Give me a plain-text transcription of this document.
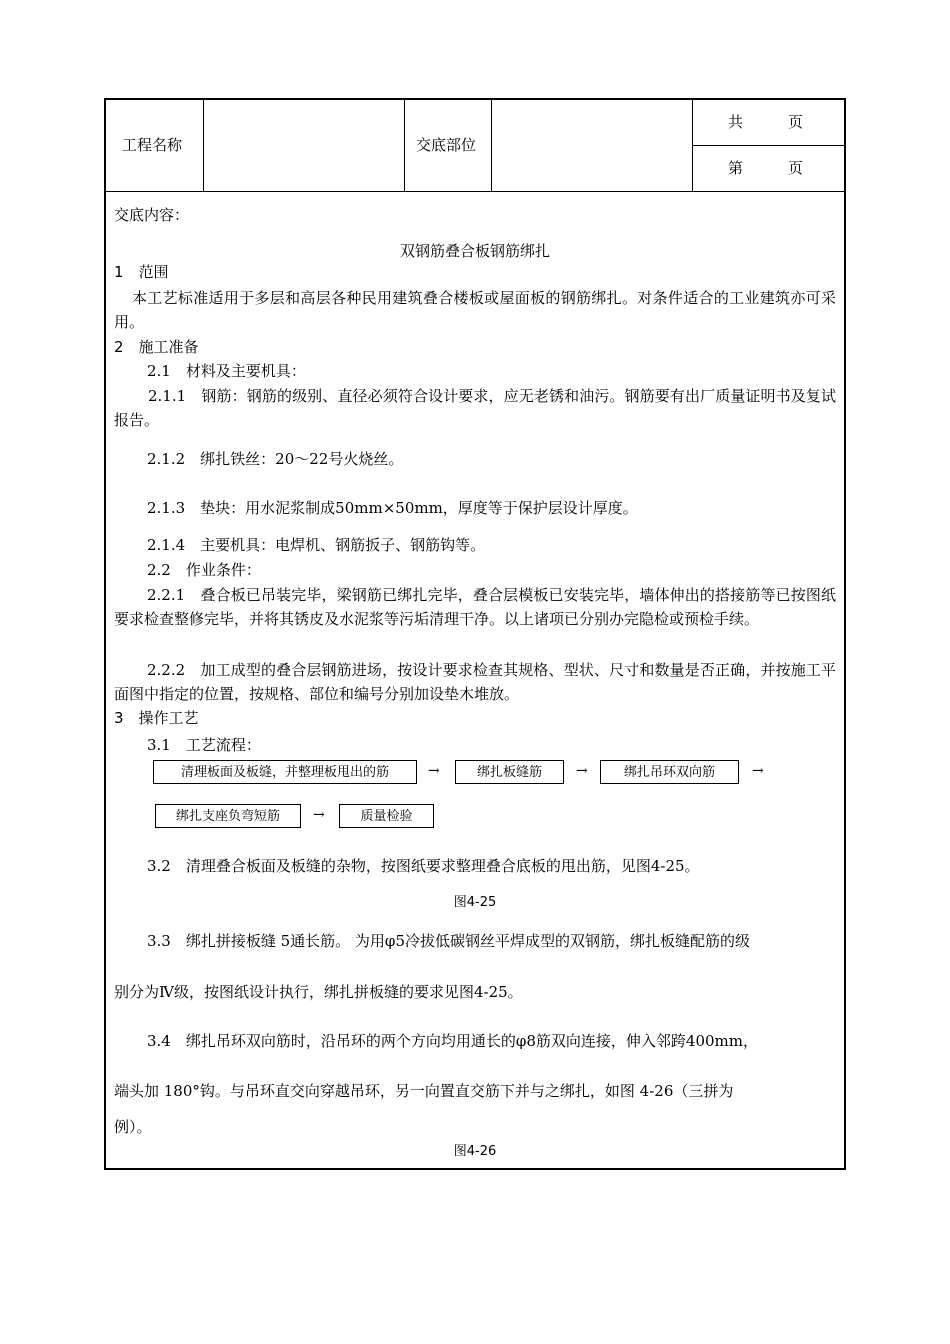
工程名称	交底部位
共　　　页
第　　　页
交底内容：
双钢筋叠合板钢筋绑扎
1　范围
本工艺标准适用于多层和高层各种民用建筑叠合楼板或屋面板的钢筋绑扎。对条件适合的工业建筑亦可采用。
2　施工准备
2.1　材料及主要机具：
2.1.1　钢筋：钢筋的级别、直径必须符合设计要求，应无老锈和油污。钢筋要有出厂质量证明书及复试报告。
2.1.2　绑扎铁丝：20～22号火烧丝。
2.1.3　垫块：用水泥浆制成50mm×50mm，厚度等于保护层设计厚度。
2.1.4　主要机具：电焊机、钢筋扳子、钢筋钩等。
2.2　作业条件：
2.2.1　叠合板已吊装完毕，梁钢筋已绑扎完毕，叠合层模板已安装完毕，墙体伸出的搭接筋等已按图纸要求检查整修完毕，并将其锈皮及水泥浆等污垢清理干净。以上诸项已分别办完隐检或预检手续。
2.2.2　加工成型的叠合层钢筋进场，按设计要求检查其规格、型状、尺寸和数量是否正确，并按施工平面图中指定的位置，按规格、部位和编号分别加设垫木堆放。
3　操作工艺
3.1　工艺流程：
清理板面及板缝，并整理板甩出的筋	→	绑扎板缝筋	→	绑扎吊环双向筋	→
绑扎支座负弯短筋	→	质量检验
3.2　清理叠合板面及板缝的杂物，按图纸要求整理叠合底板的甩出筋，见图4-25。
图4-25
3.3　绑扎拼接板缝 5通长筋。 为用φ5冷拔低碳钢丝平焊成型的双钢筋，绑扎板缝配筋的级
别分为Ⅳ级，按图纸设计执行，绑扎拼板缝的要求见图4-25。
3.4　绑扎吊环双向筋时，沿吊环的两个方向均用通长的φ8筋双向连接，伸入邻跨400mm，
端头加 180°钩。与吊环直交向穿越吊环，另一向置直交筋下并与之绑扎，如图 4-26（三拼为
例）。
图4-26
